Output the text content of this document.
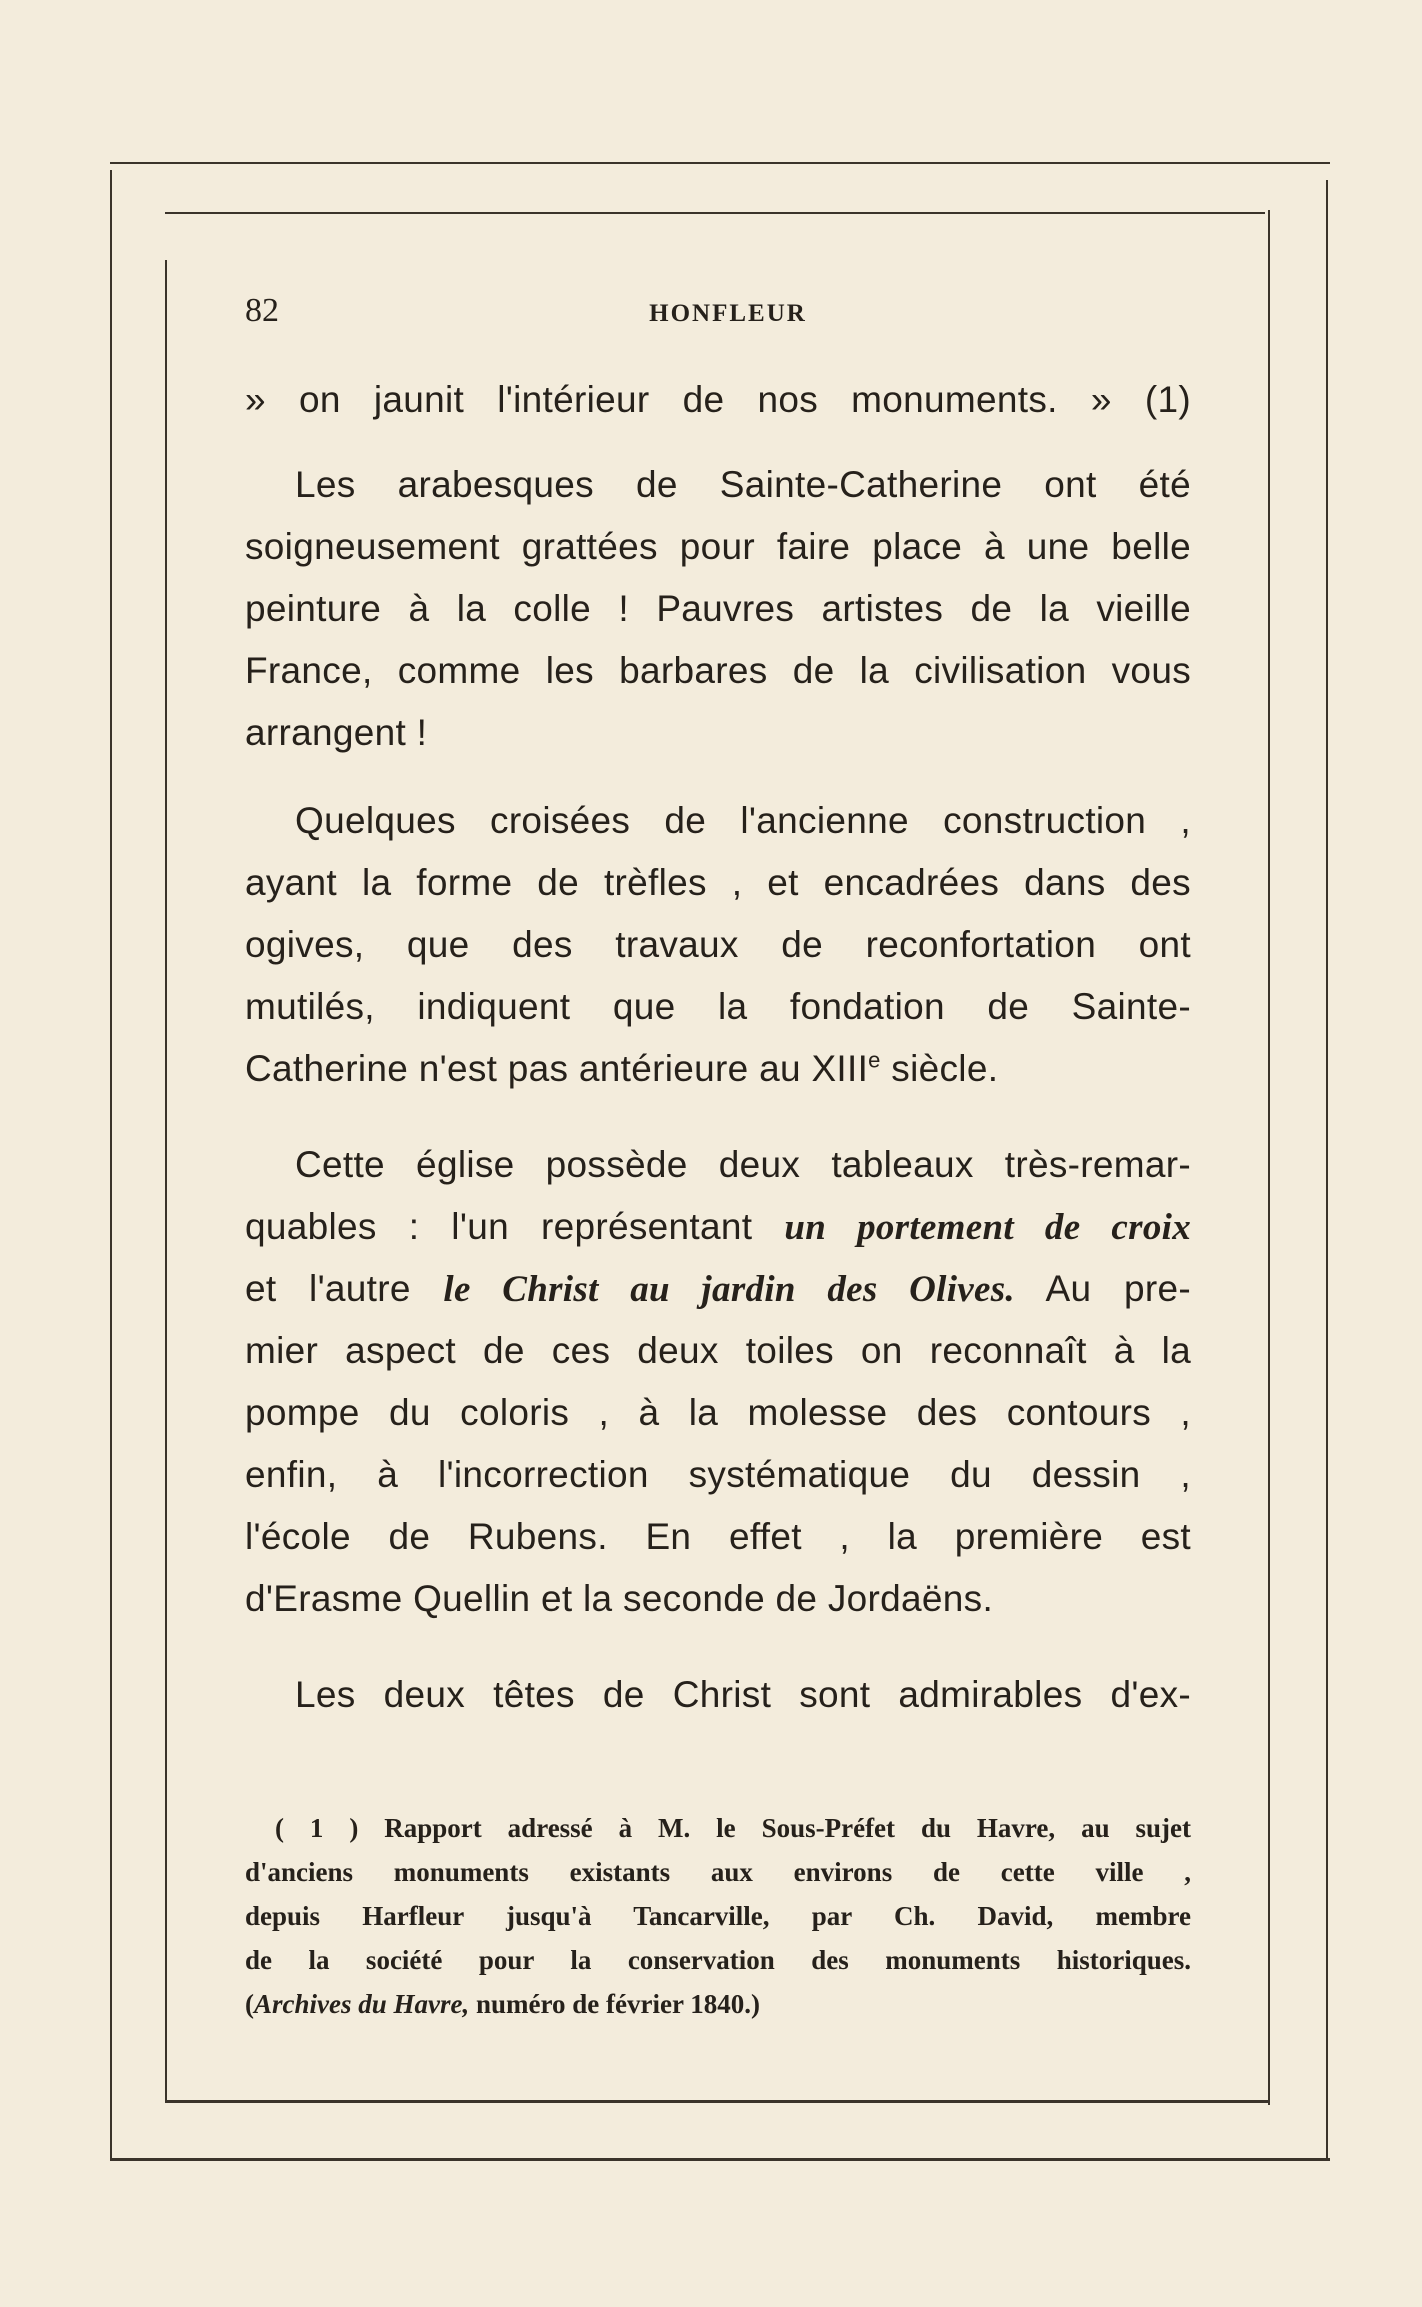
82	HONFLEUR
» on jaunit l'intérieur de nos monuments. » (1)
Les arabesques de Sainte-Catherine ont été
soigneusement grattées pour faire place à une belle
peinture à la colle ! Pauvres artistes de la vieille
France, comme les barbares de la civilisation vous
arrangent !
Quelques croisées de l'ancienne construction ,
ayant la forme de trèfles , et encadrées dans des
ogives, que des travaux de reconfortation ont
mutilés, indiquent que la fondation de Sainte-
Catherine n'est pas antérieure au XIIIe siècle.
Cette église possède deux tableaux très-remar-
quables : l'un représentant un portement de croix
et l'autre le Christ au jardin des Olives. Au pre-
mier aspect de ces deux toiles on reconnaît à la
pompe du coloris , à la molesse des contours ,
enfin, à l'incorrection systématique du dessin ,
l'école de Rubens. En effet , la première est
d'Erasme Quellin et la seconde de Jordaëns.
Les deux têtes de Christ sont admirables d'ex-
( 1 ) Rapport adressé à M. le Sous-Préfet du Havre, au sujet
d'anciens monuments existants aux environs de cette ville ,
depuis Harfleur jusqu'à Tancarville, par Ch. David, membre
de la société pour la conservation des monuments historiques.
(Archives du Havre, numéro de février 1840.)
